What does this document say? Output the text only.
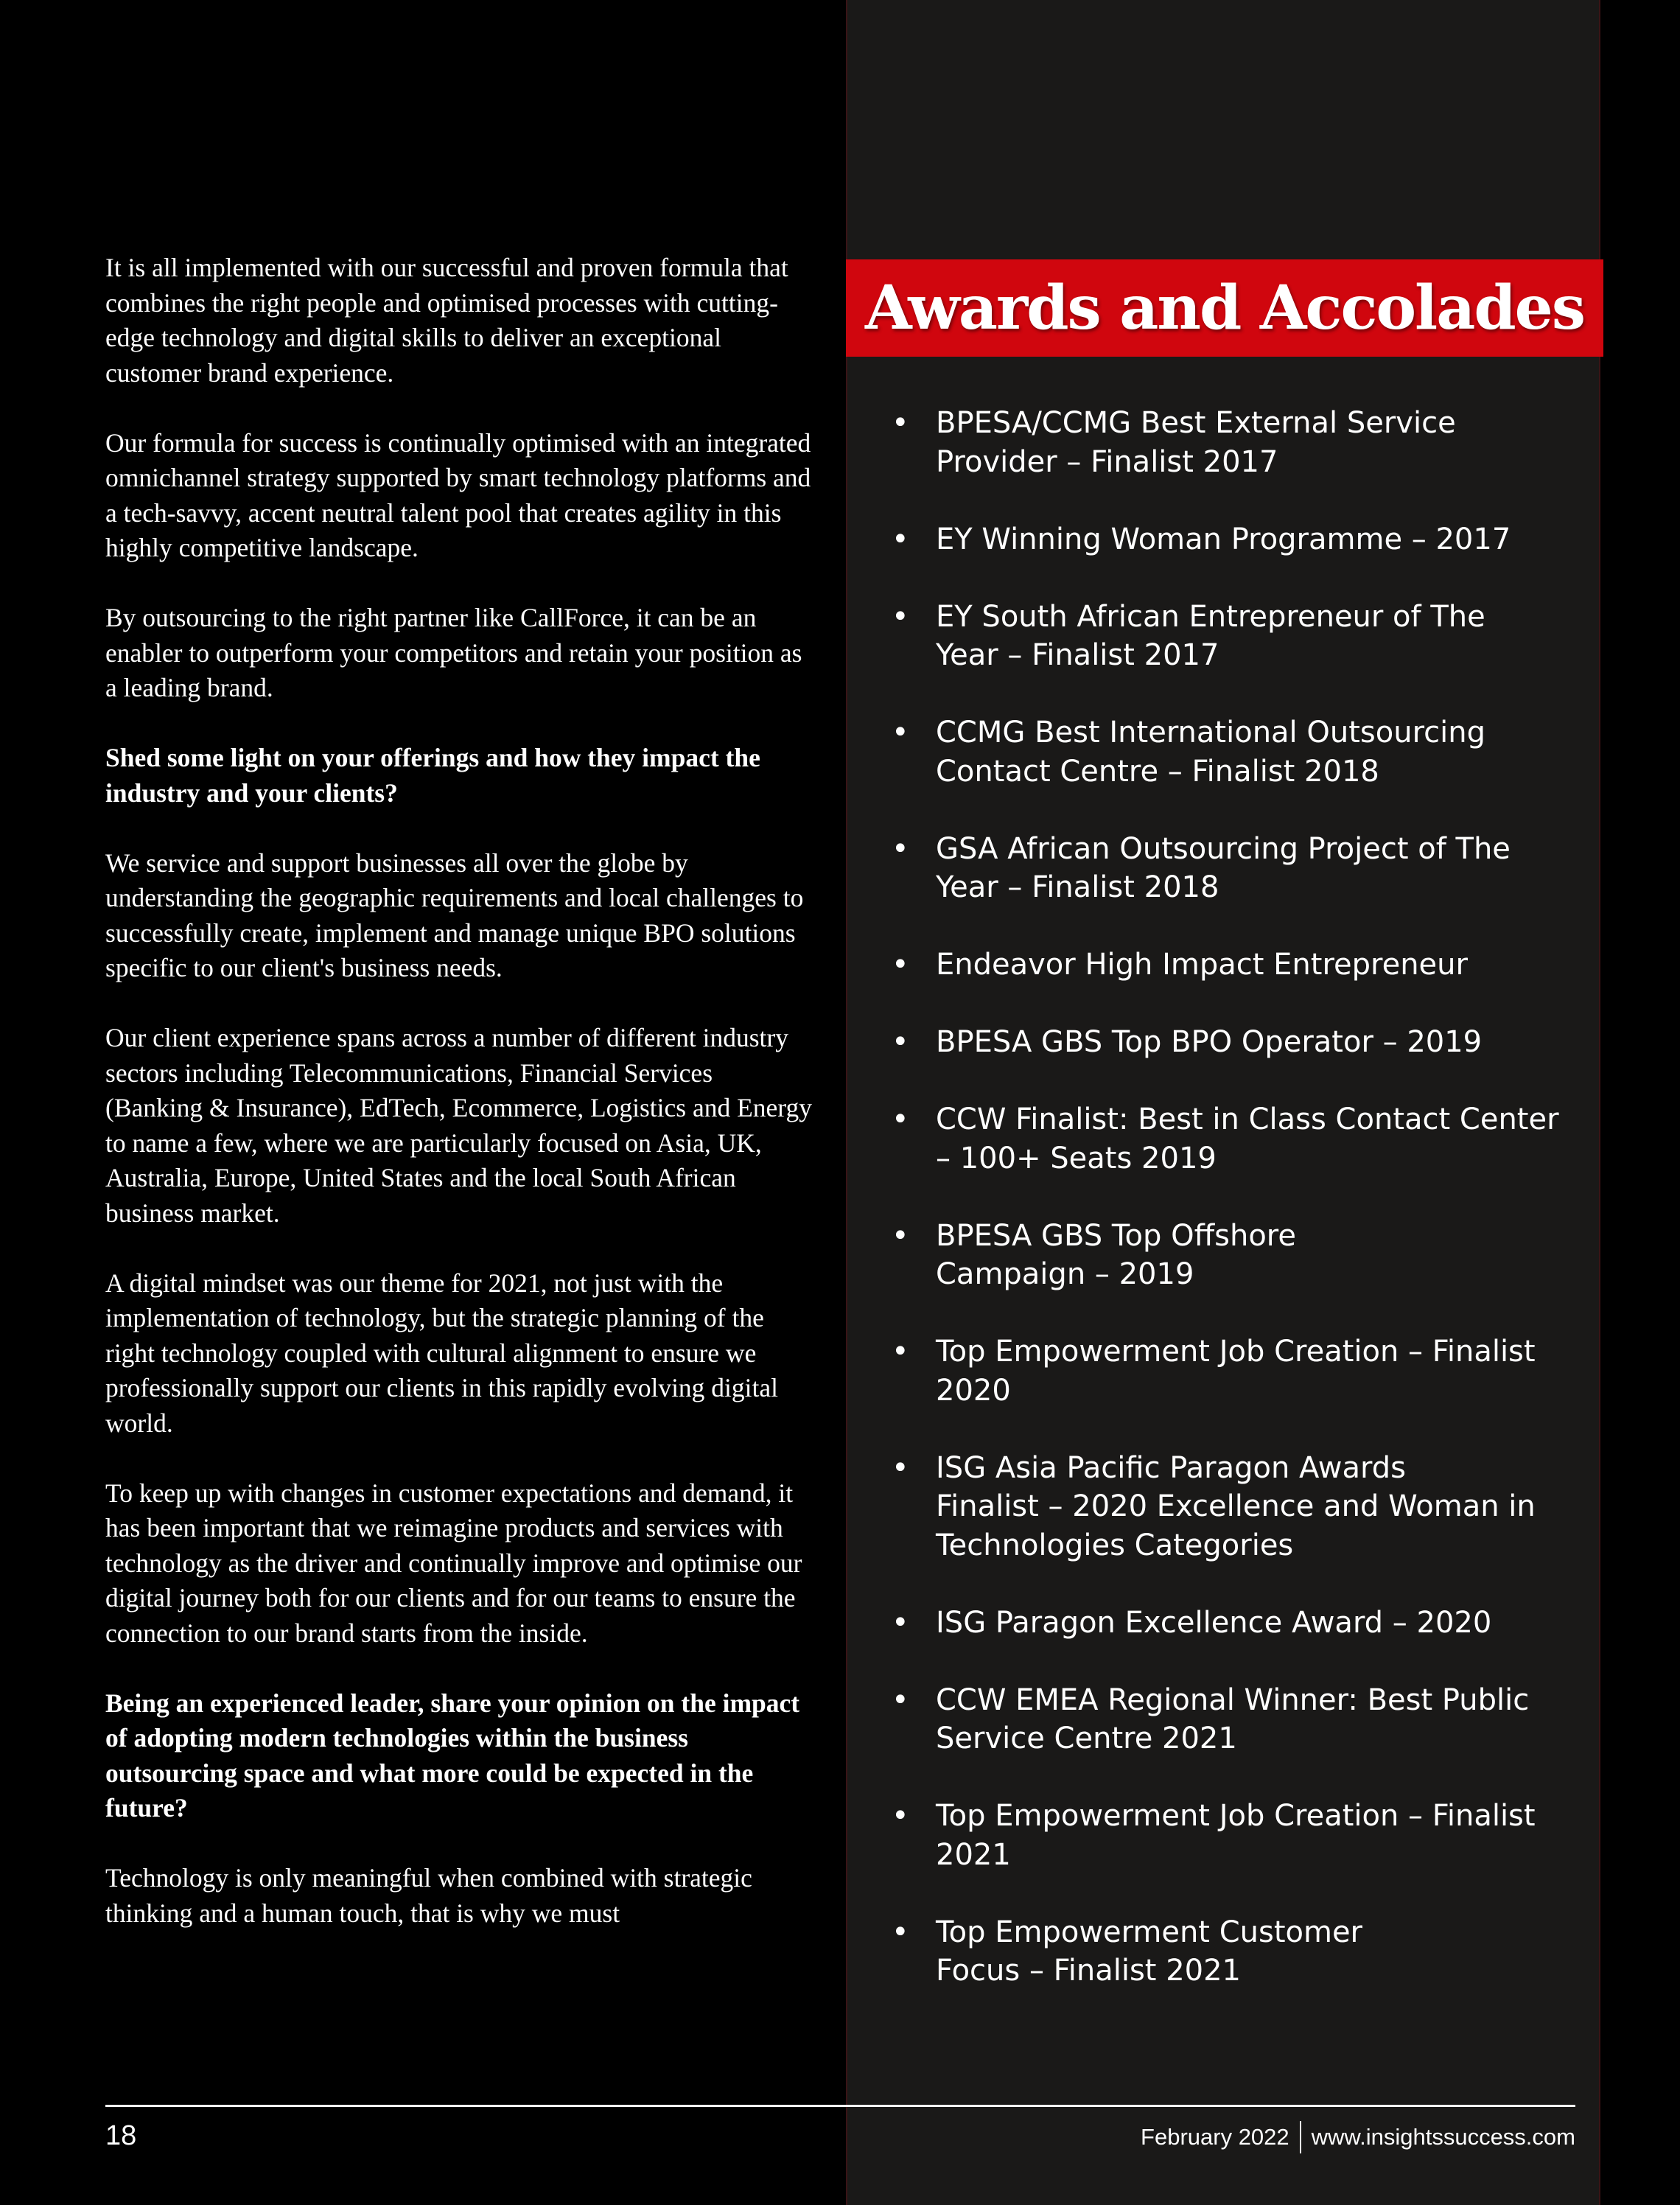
It is all implemented with our successful and proven formula that combines the right people and optimised processes with cutting-edge technology and digital skills to deliver an exceptional customer brand experience.

Our formula for success is continually optimised with an integrated omnichannel strategy supported by smart technology platforms and a tech-savvy, accent neutral talent pool that creates agility in this highly competitive landscape.

By outsourcing to the right partner like CallForce, it can be an enabler to outperform your competitors and retain your position as a leading brand.

Shed some light on your offerings and how they impact the industry and your clients?

We service and support businesses all over the globe by understanding the geographic requirements and local challenges to successfully create, implement and manage unique BPO solutions specific to our client's business needs.

Our client experience spans across a number of different industry sectors including Telecommunications, Financial Services (Banking & Insurance), EdTech, Ecommerce, Logistics and Energy to name a few, where we are particularly focused on Asia, UK, Australia, Europe, United States and the local South African business market.

A digital mindset was our theme for 2021, not just with the implementation of technology, but the strategic planning of the right technology coupled with cultural alignment to ensure we professionally support our clients in this rapidly evolving digital world.

To keep up with changes in customer expectations and demand, it has been important that we reimagine products and services with technology as the driver and continually improve and optimise our digital journey both for our clients and for our teams to ensure the connection to our brand starts from the inside.

Being an experienced leader, share your opinion on the impact of adopting modern technologies within the business outsourcing space and what more could be expected in the future?

Technology is only meaningful when combined with strategic thinking and a human touch, that is why we must

Awards and Accolades
• BPESA/CCMG Best External Service
Provider – Finalist 2017
• EY Winning Woman Programme – 2017
• EY South African Entrepreneur of The
Year – Finalist 2017
• CCMG Best International Outsourcing
Contact Centre – Finalist 2018
• GSA African Outsourcing Project of The
Year – Finalist 2018
• Endeavor High Impact Entrepreneur
• BPESA GBS Top BPO Operator – 2019
• CCW Finalist: Best in Class Contact Center
– 100+ Seats 2019
• BPESA GBS Top Offshore
Campaign – 2019
• Top Empowerment Job Creation – Finalist
2020
• ISG Asia Pacific Paragon Awards
Finalist – 2020 Excellence and Woman in
Technologies Categories
• ISG Paragon Excellence Award – 2020
• CCW EMEA Regional Winner: Best Public
Service Centre 2021
• Top Empowerment Job Creation – Finalist
2021
• Top Empowerment Customer
Focus – Finalist 2021
18	February 2022 www.insightssuccess.com
